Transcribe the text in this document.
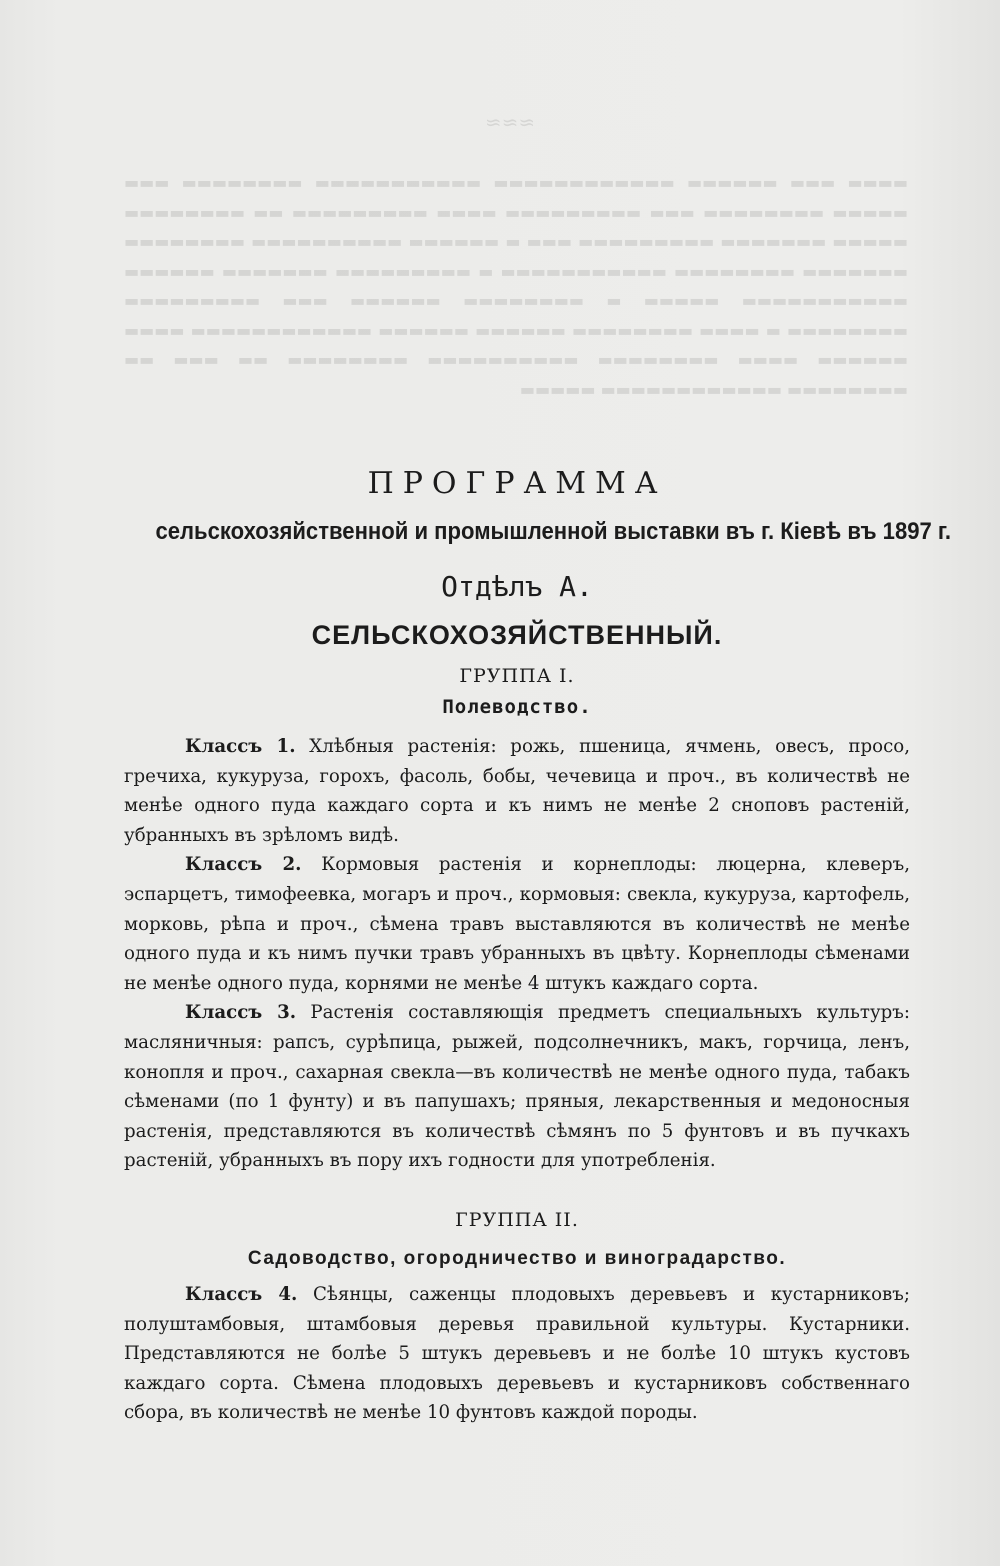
≈≈≈
▬▬▬▬ ▬▬▬ ▬▬▬▬▬▬ ▬▬▬▬▬▬▬▬▬▬▬▬ ▬▬▬▬▬▬▬▬▬▬▬ ▬▬▬▬▬▬▬▬ ▬▬▬ ▬▬▬▬▬ ▬▬▬▬▬▬▬▬ ▬▬▬ ▬▬▬▬▬▬▬▬▬ ▬▬▬▬ ▬▬▬▬▬▬▬▬▬ ▬▬ ▬▬▬▬▬▬▬▬ ▬▬▬▬▬ ▬▬▬▬▬▬▬ ▬▬▬▬▬▬▬▬▬ ▬▬▬ ▬ ▬▬▬▬▬▬ ▬▬▬▬▬▬▬▬▬▬ ▬▬▬▬▬▬▬▬ ▬▬▬▬▬▬▬ ▬▬▬▬▬▬▬▬ ▬▬▬▬▬▬▬▬▬▬▬ ▬ ▬▬▬▬▬▬▬▬▬ ▬▬▬▬▬▬▬ ▬▬▬▬▬▬ ▬▬▬▬▬▬▬▬▬▬▬ ▬▬▬▬▬ ▬ ▬▬▬▬▬▬▬▬ ▬▬▬▬▬▬ ▬▬▬ ▬▬▬▬▬▬▬▬▬ ▬▬▬▬▬▬▬▬ ▬ ▬▬▬▬ ▬▬▬▬▬▬▬▬ ▬▬▬▬▬▬ ▬▬▬▬▬▬ ▬▬▬▬▬▬▬▬▬▬▬▬ ▬▬▬▬ ▬▬▬▬▬▬ ▬▬▬▬ ▬▬▬▬▬▬▬▬ ▬▬▬▬▬▬▬▬▬▬ ▬▬▬▬▬▬▬▬ ▬▬ ▬▬▬ ▬▬ ▬▬▬▬▬▬▬▬ ▬▬▬▬▬▬▬▬▬▬▬▬ ▬▬▬▬▬
ПРОГРАММА
сельскохозяйственной и промышленной выставки въ г. Кіевѣ въ 1897 г.
Отдѣлъ А.
СЕЛЬСКОХОЗЯЙСТВЕННЫЙ.
ГРУППА I.
Полеводство.

Классъ 1. Хлѣбныя растенія: рожь, пшеница, ячмень, овесъ, просо, гречиха, кукуруза, горохъ, фасоль, бобы, чечевица и проч., въ количествѣ не менѣе одного пуда каждаго сорта и къ нимъ не менѣе 2 сноповъ растеній, убранныхъ въ зрѣломъ видѣ.

Классъ 2. Кормовыя растенія и корнеплоды: люцерна, клеверъ, эспарцетъ, тимофеевка, могаръ и проч., кормовыя: свекла, кукуруза, картофель, морковь, рѣпа и проч., сѣмена травъ выставляются въ количествѣ не менѣе одного пуда и къ нимъ пучки травъ убранныхъ въ цвѣту. Корнеплоды сѣменами не менѣе одного пуда, корнями не менѣе 4 штукъ каждаго сорта.

Классъ 3. Растенія составляющія предметъ специальныхъ культуръ: масляничныя: рапсъ, сурѣпица, рыжей, подсолнечникъ, макъ, горчица, ленъ, конопля и проч., сахарная свекла—въ количествѣ не менѣе одного пуда, табакъ сѣменами (по 1 фунту) и въ папушахъ; пряныя, лекарственныя и медоносныя растенія, представляются въ количествѣ сѣмянъ по 5 фунтовъ и въ пучкахъ растеній, убранныхъ въ пору ихъ годности для употребленія.

ГРУППА II.
Садоводство, огородничество и виноградарство.

Классъ 4. Сѣянцы, саженцы плодовыхъ деревьевъ и кустарниковъ; полуштамбовыя, штамбовыя деревья правильной культуры. Кустарники. Представляются не болѣе 5 штукъ деревьевъ и не болѣе 10 штукъ кустовъ каждаго сорта. Сѣмена плодовыхъ деревьевъ и кустарниковъ собственнаго сбора, въ количествѣ не менѣе 10 фунтовъ каждой породы.
